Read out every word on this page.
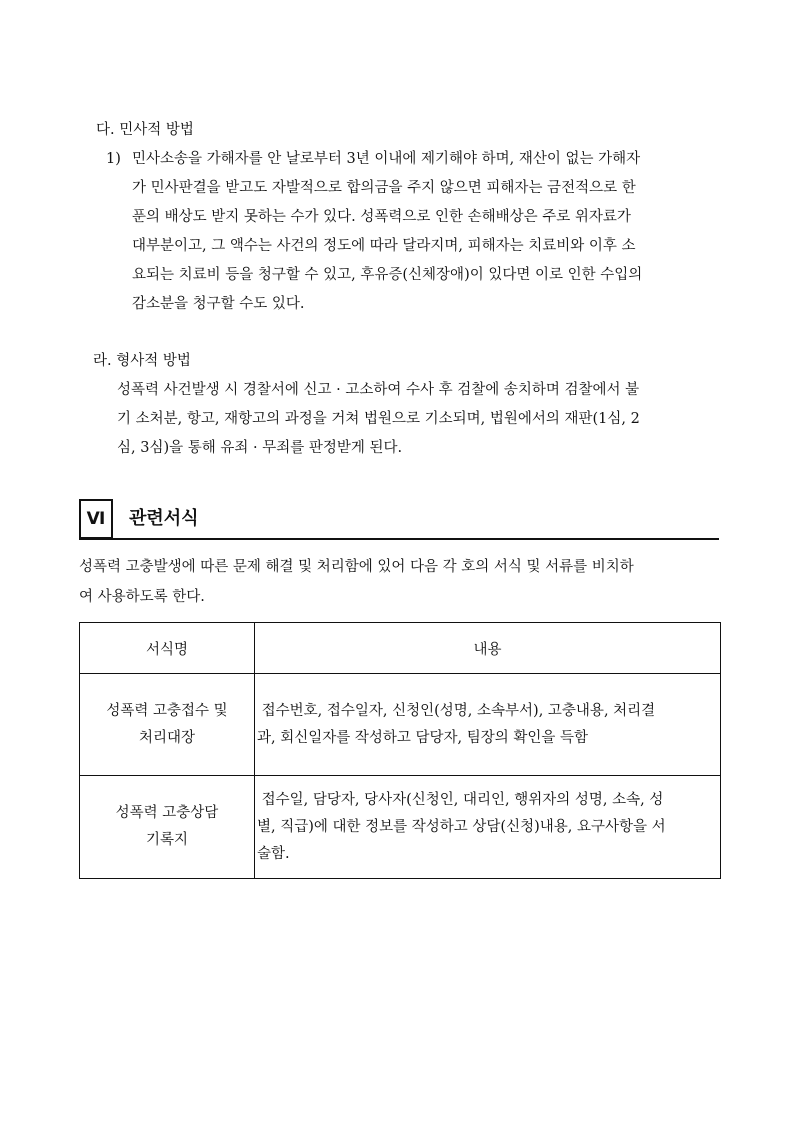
다. 민사적 방법
1) 민사소송을 가해자를 안 날로부터 3년 이내에 제기해야 하며, 재산이 없는 가해자
가 민사판결을 받고도 자발적으로 합의금을 주지 않으면 피해자는 금전적으로 한
푼의 배상도 받지 못하는 수가 있다. 성폭력으로 인한 손해배상은 주로 위자료가
대부분이고, 그 액수는 사건의 정도에 따라 달라지며, 피해자는 치료비와 이후 소
요되는 치료비 등을 청구할 수 있고, 후유증(신체장애)이 있다면 이로 인한 수입의
감소분을 청구할 수도 있다.
라. 형사적 방법
성폭력 사건발생 시 경찰서에 신고 · 고소하여 수사 후 검찰에 송치하며 검찰에서 불
기 소처분, 항고, 재항고의 과정을 거쳐 법원으로 기소되며, 법원에서의 재판(1심, 2
심, 3심)을 통해 유죄 · 무죄를 판정받게 된다.
Ⅵ 관련서식
성폭력 고충발생에 따른 문제 해결 및 처리함에 있어 다음 각 호의 서식 및 서류를 비치하
여 사용하도록 한다.
서식명	내용

성폭력 고충접수 및
처리대장	접수번호, 접수일자, 신청인(성명, 소속부서), 고충내용, 처리결
과, 회신일자를 작성하고 담당자, 팀장의 확인을 득함

성폭력 고충상담
기록지	접수일, 담당자, 당사자(신청인, 대리인, 행위자의 성명, 소속, 성
별, 직급)에 대한 정보를 작성하고 상담(신청)내용, 요구사항을 서
술함.
